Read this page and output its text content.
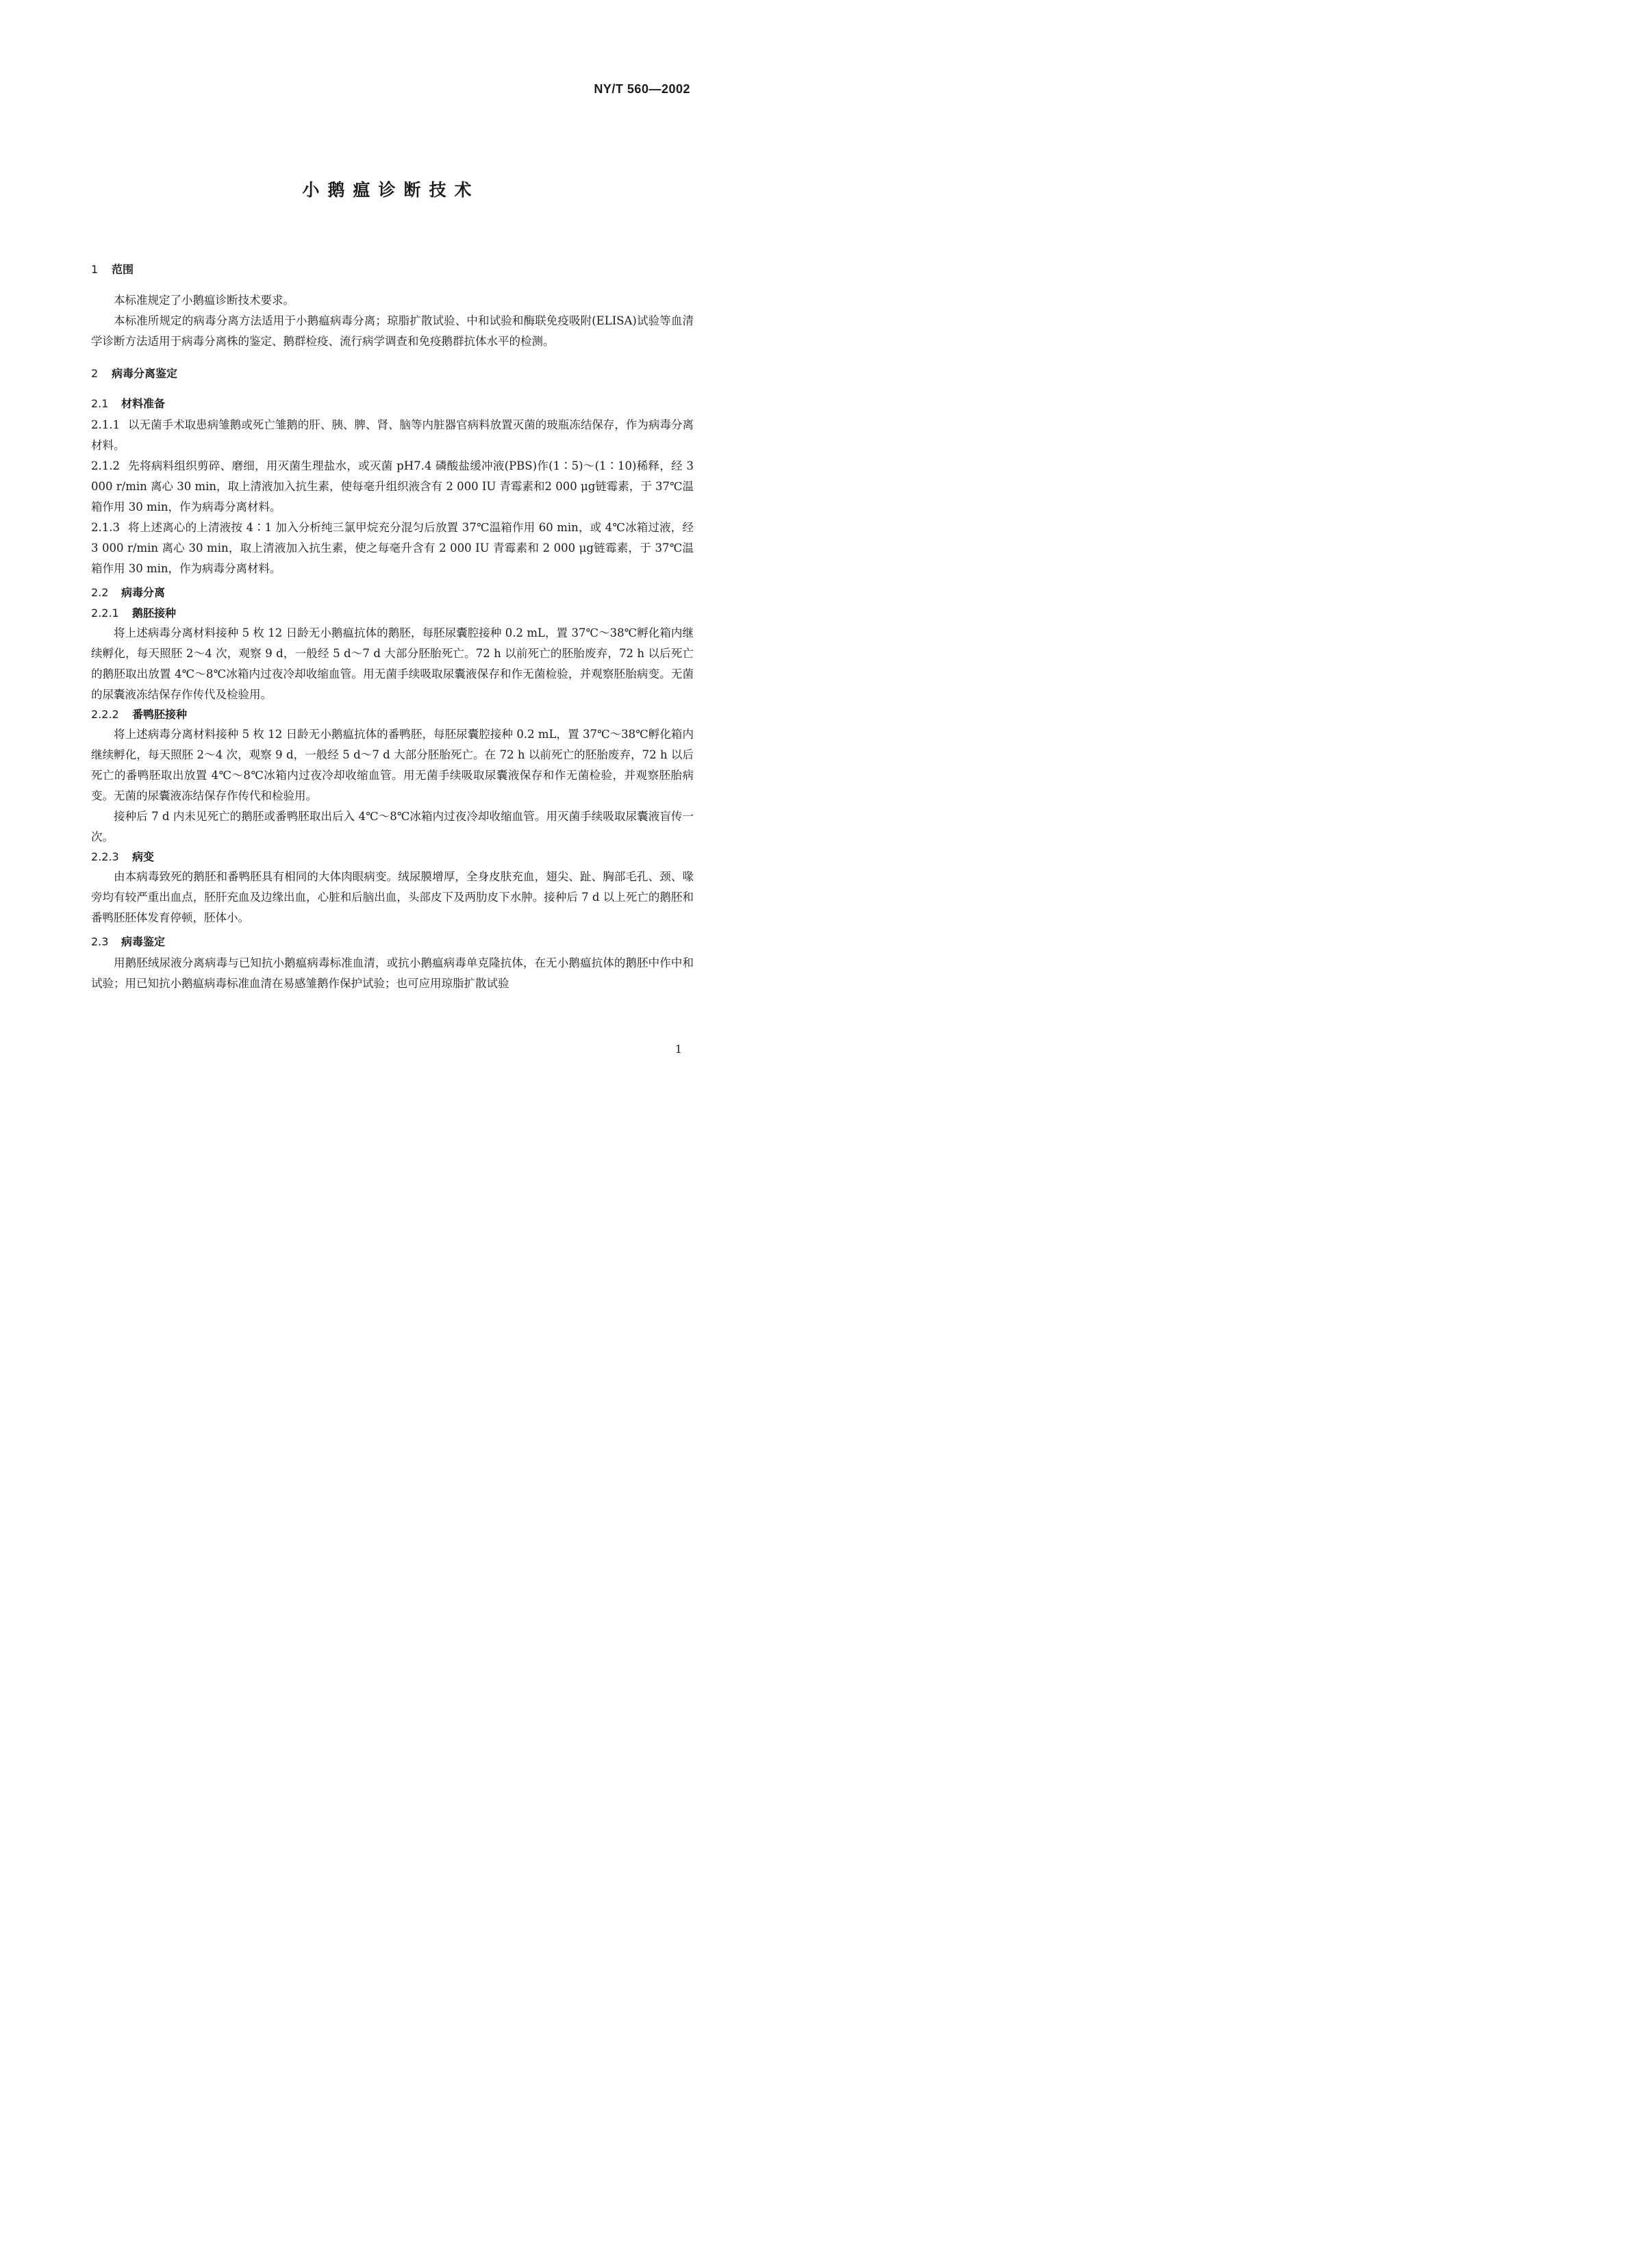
NY/T 560—2002
小鹅瘟诊断技术
1 范围

本标准规定了小鹅瘟诊断技术要求。

本标准所规定的病毒分离方法适用于小鹅瘟病毒分离；琼脂扩散试验、中和试验和酶联免疫吸附(ELISA)试验等血清学诊断方法适用于病毒分离株的鉴定、鹅群检疫、流行病学调查和免疫鹅群抗体水平的检测。

2 病毒分离鉴定
2.1 材料准备

2.1.1 以无菌手术取患病雏鹅或死亡雏鹅的肝、胰、脾、肾、脑等内脏器官病料放置灭菌的玻瓶冻结保存，作为病毒分离材料。

2.1.2 先将病料组织剪碎、磨细，用灭菌生理盐水，或灭菌 pH7.4 磷酸盐缓冲液(PBS)作(1∶5)～(1∶10)稀释，经 3 000 r/min 离心 30 min，取上清液加入抗生素，使每毫升组织液含有 2 000 IU 青霉素和2 000 μg链霉素，于 37℃温箱作用 30 min，作为病毒分离材料。

2.1.3 将上述离心的上清液按 4∶1 加入分析纯三氯甲烷充分混匀后放置 37℃温箱作用 60 min，或 4℃冰箱过液，经 3 000 r/min 离心 30 min，取上清液加入抗生素，使之每毫升含有 2 000 IU 青霉素和 2 000 μg链霉素，于 37℃温箱作用 30 min，作为病毒分离材料。

2.2 病毒分离
2.2.1 鹅胚接种

将上述病毒分离材料接种 5 枚 12 日龄无小鹅瘟抗体的鹅胚，每胚尿囊腔接种 0.2 mL，置 37℃～38℃孵化箱内继续孵化，每天照胚 2～4 次，观察 9 d，一般经 5 d～7 d 大部分胚胎死亡。72 h 以前死亡的胚胎废弃，72 h 以后死亡的鹅胚取出放置 4℃～8℃冰箱内过夜冷却收缩血管。用无菌手续吸取尿囊液保存和作无菌检验，并观察胚胎病变。无菌的尿囊液冻结保存作传代及检验用。

2.2.2 番鸭胚接种

将上述病毒分离材料接种 5 枚 12 日龄无小鹅瘟抗体的番鸭胚，每胚尿囊腔接种 0.2 mL，置 37℃～38℃孵化箱内继续孵化，每天照胚 2～4 次，观察 9 d，一般经 5 d～7 d 大部分胚胎死亡。在 72 h 以前死亡的胚胎废弃，72 h 以后死亡的番鸭胚取出放置 4℃～8℃冰箱内过夜冷却收缩血管。用无菌手续吸取尿囊液保存和作无菌检验，并观察胚胎病变。无菌的尿囊液冻结保存作传代和检验用。

接种后 7 d 内未见死亡的鹅胚或番鸭胚取出后入 4℃～8℃冰箱内过夜冷却收缩血管。用灭菌手续吸取尿囊液盲传一次。

2.2.3 病变

由本病毒致死的鹅胚和番鸭胚具有相同的大体肉眼病变。绒尿膜增厚，全身皮肤充血，翅尖、趾、胸部毛孔、颈、喙旁均有较严重出血点，胚肝充血及边缘出血，心脏和后脑出血，头部皮下及两肋皮下水肿。接种后 7 d 以上死亡的鹅胚和番鸭胚胚体发育停顿，胚体小。

2.3 病毒鉴定

用鹅胚绒尿液分离病毒与已知抗小鹅瘟病毒标准血清，或抗小鹅瘟病毒单克隆抗体，在无小鹅瘟抗体的鹅胚中作中和试验；用已知抗小鹅瘟病毒标准血清在易感雏鹅作保护试验；也可应用琼脂扩散试验

1
